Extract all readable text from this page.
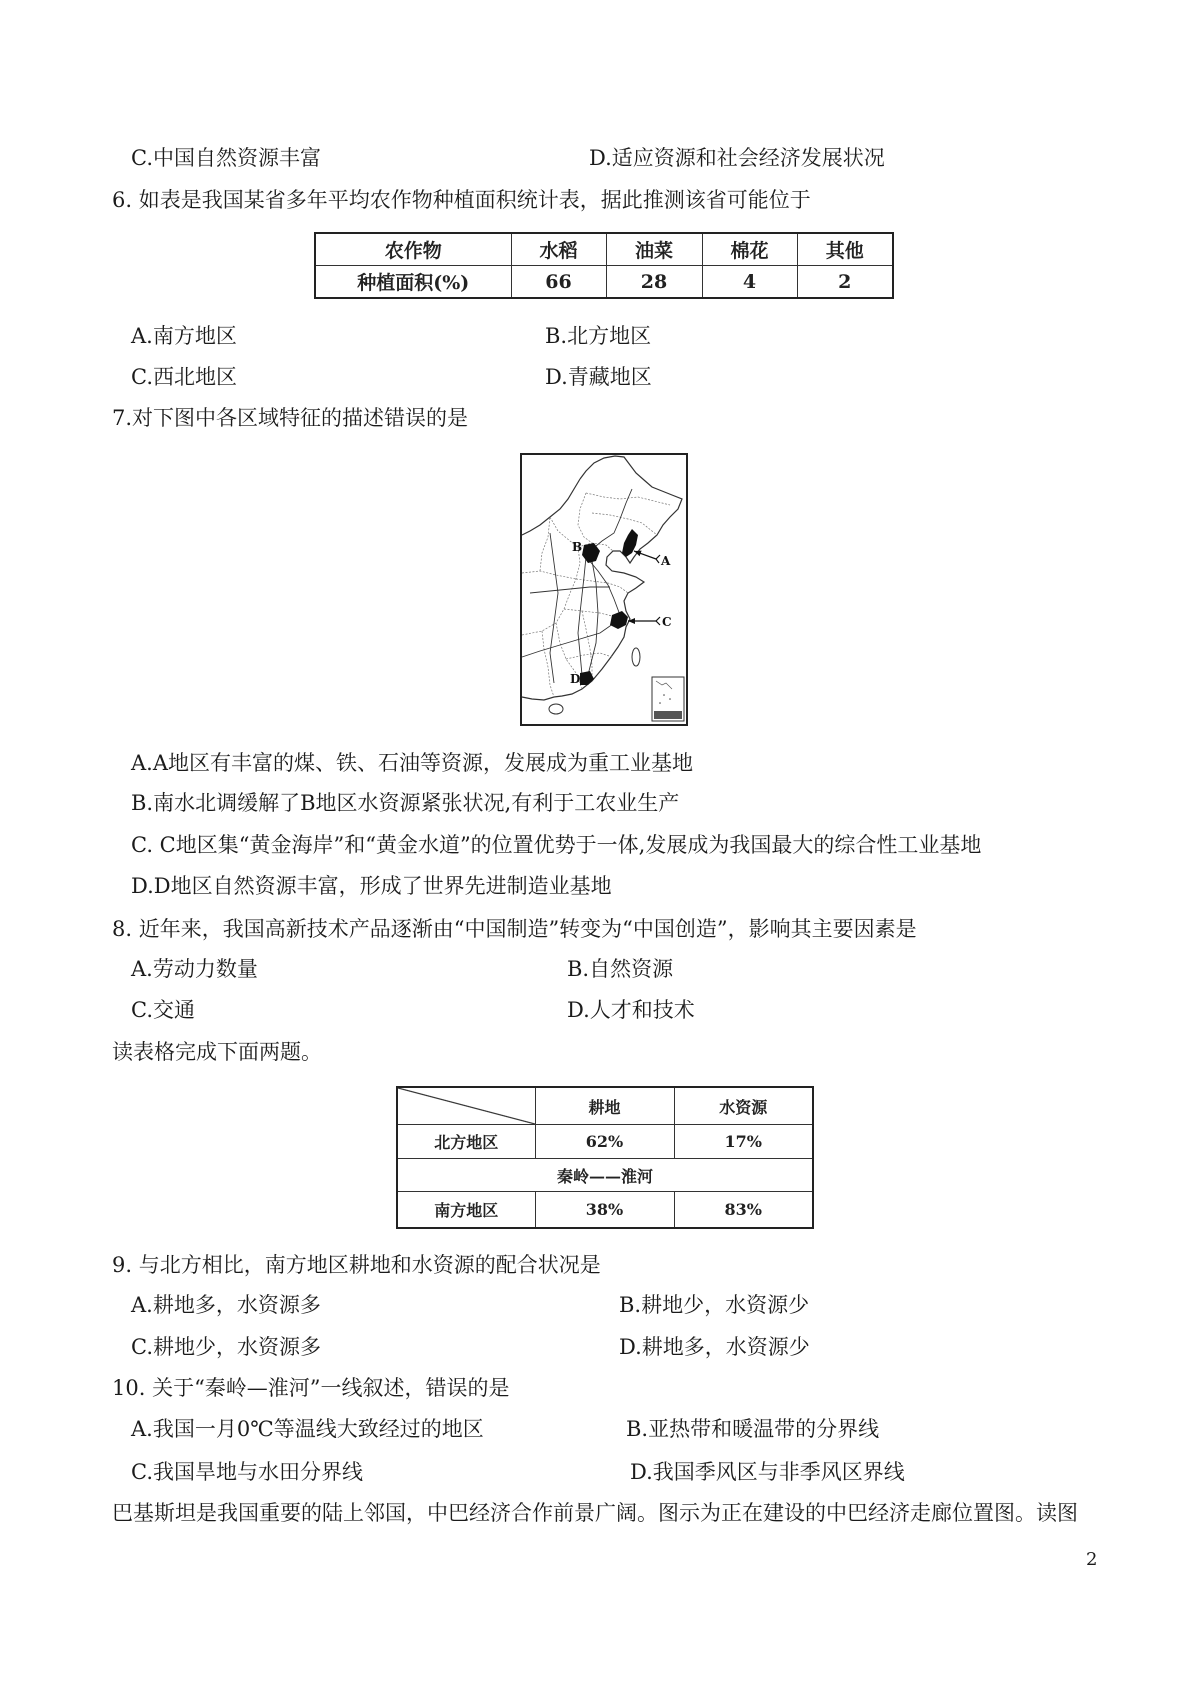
C.中国自然资源丰富	D.适应资源和社会经济发展状况
6. 如表是我国某省多年平均农作物种植面积统计表，据此推测该省可能位于
农作物	水稻	油菜	棉花	其他
种植面积(%)	66	28	4	2
A.南方地区	B.北方地区
C.西北地区	D.青藏地区
7.对下图中各区域特征的描述错误的是
A
B
C
D
A.A地区有丰富的煤、铁、石油等资源，发展成为重工业基地
B.南水北调缓解了B地区水资源紧张状况,有利于工农业生产
C. C地区集“黄金海岸”和“黄金水道”的位置优势于一体,发展成为我国最大的综合性工业基地
D.D地区自然资源丰富，形成了世界先进制造业基地
8. 近年来，我国高新技术产品逐渐由“中国制造”转变为“中国创造”，影响其主要因素是
A.劳动力数量	B.自然资源
C.交通	D.人才和技术
读表格完成下面两题。
	耕地	水资源
北方地区	62%	17%
秦岭——淮河		
南方地区	38%	83%
9. 与北方相比，南方地区耕地和水资源的配合状况是
A.耕地多，水资源多	B.耕地少，水资源少
C.耕地少，水资源多	D.耕地多，水资源少
10. 关于“秦岭—淮河”一线叙述，错误的是
A.我国一月0℃等温线大致经过的地区	B.亚热带和暖温带的分界线
C.我国旱地与水田分界线	D.我国季风区与非季风区界线
巴基斯坦是我国重要的陆上邻国，中巴经济合作前景广阔。图示为正在建设的中巴经济走廊位置图。读图
2
